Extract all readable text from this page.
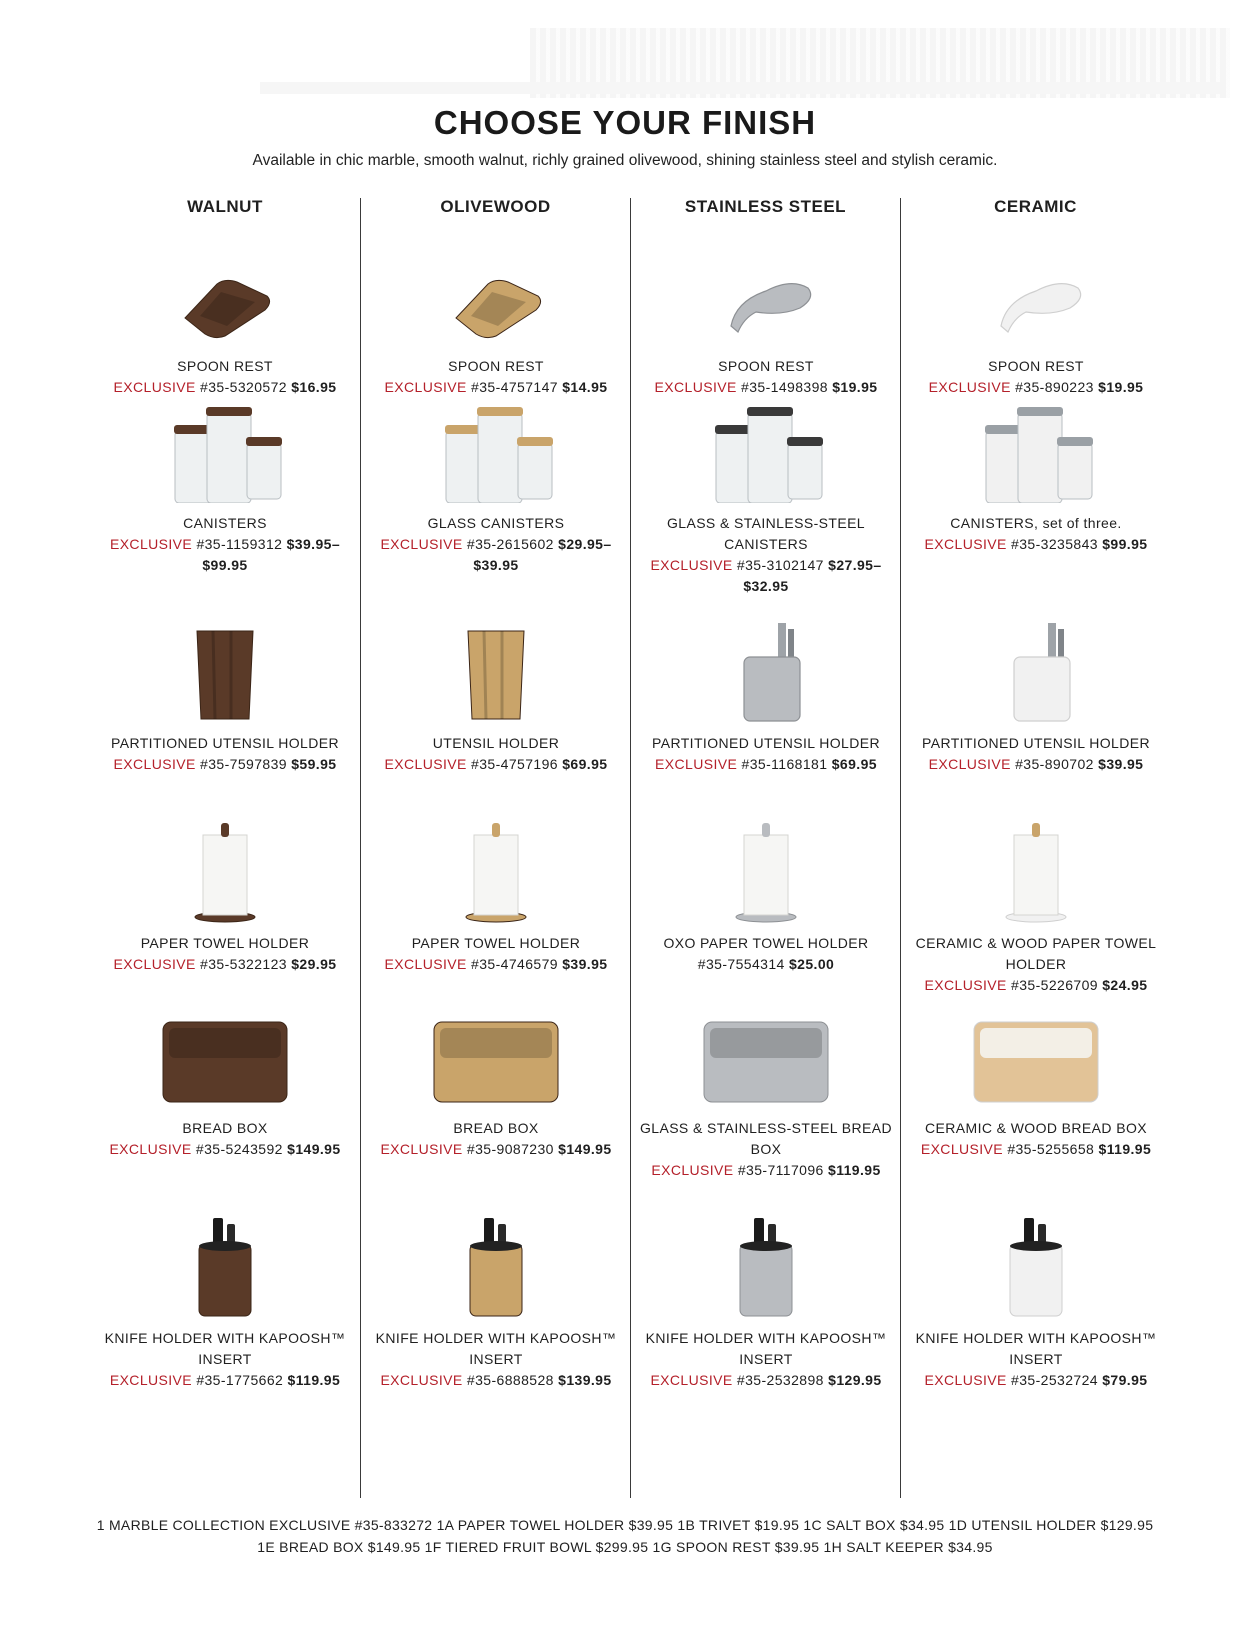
CHOOSE YOUR FINISH
Available in chic marble, smooth walnut, richly grained olivewood, shining stainless steel and stylish ceramic.
WALNUT
SPOON REST
EXCLUSIVE #35-5320572 $16.95
CANISTERS
EXCLUSIVE #35-1159312 $39.95–$99.95
PARTITIONED UTENSIL HOLDER
EXCLUSIVE #35-7597839 $59.95
PAPER TOWEL HOLDER
EXCLUSIVE #35-5322123 $29.95
BREAD BOX
EXCLUSIVE #35-5243592 $149.95
KNIFE HOLDER WITH KAPOOSH™ INSERT
EXCLUSIVE #35-1775662 $119.95
OLIVEWOOD
SPOON REST
EXCLUSIVE #35-4757147 $14.95
GLASS CANISTERS
EXCLUSIVE #35-2615602 $29.95–$39.95
UTENSIL HOLDER
EXCLUSIVE #35-4757196 $69.95
PAPER TOWEL HOLDER
EXCLUSIVE #35-4746579 $39.95
BREAD BOX
EXCLUSIVE #35-9087230 $149.95
KNIFE HOLDER WITH KAPOOSH™ INSERT
EXCLUSIVE #35-6888528 $139.95
STAINLESS STEEL
SPOON REST
EXCLUSIVE #35-1498398 $19.95
GLASS & STAINLESS-STEEL CANISTERS
EXCLUSIVE #35-3102147 $27.95–$32.95
PARTITIONED UTENSIL HOLDER
EXCLUSIVE #35-1168181 $69.95
OXO PAPER TOWEL HOLDER
#35-7554314 $25.00
GLASS & STAINLESS-STEEL BREAD BOX
EXCLUSIVE #35-7117096 $119.95
KNIFE HOLDER WITH KAPOOSH™ INSERT
EXCLUSIVE #35-2532898 $129.95
CERAMIC
SPOON REST
EXCLUSIVE #35-890223 $19.95
CANISTERS, set of three.
EXCLUSIVE #35-3235843 $99.95
PARTITIONED UTENSIL HOLDER
EXCLUSIVE #35-890702 $39.95
CERAMIC & WOOD PAPER TOWEL HOLDER
EXCLUSIVE #35-5226709 $24.95
CERAMIC & WOOD BREAD BOX
EXCLUSIVE #35-5255658 $119.95
KNIFE HOLDER WITH KAPOOSH™ INSERT
EXCLUSIVE #35-2532724 $79.95
1 MARBLE COLLECTION EXCLUSIVE #35-833272 1A PAPER TOWEL HOLDER $39.95 1B TRIVET $19.95 1C SALT BOX $34.95 1D UTENSIL HOLDER $129.95
1E BREAD BOX $149.95 1F TIERED FRUIT BOWL $299.95 1G SPOON REST $39.95 1H SALT KEEPER $34.95
